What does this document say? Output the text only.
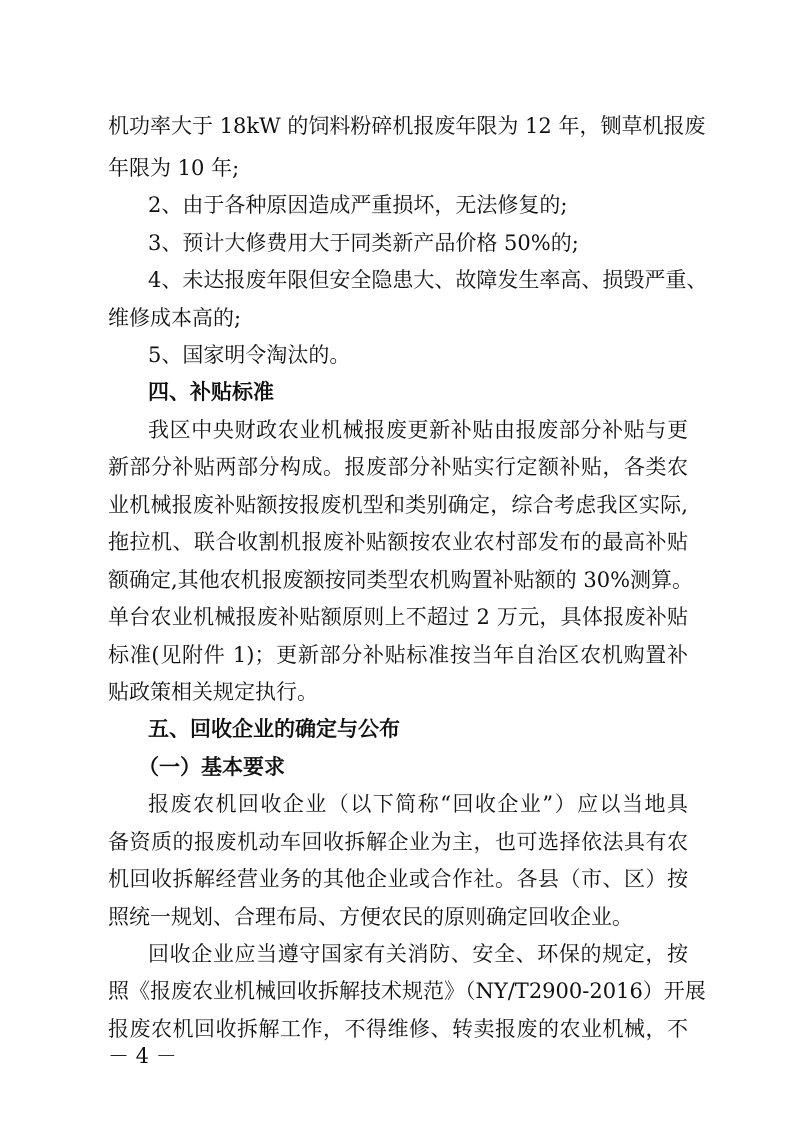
机功率大于 18kW 的饲料粉碎机报废年限为 12 年，铡草机报废
年限为 10 年;
2、由于各种原因造成严重损坏，无法修复的;
3、预计大修费用大于同类新产品价格 50%的;
4、未达报废年限但安全隐患大、故障发生率高、损毁严重、
维修成本高的;
5、国家明令淘汰的。
四、补贴标准
我区中央财政农业机械报废更新补贴由报废部分补贴与更
新部分补贴两部分构成。报废部分补贴实行定额补贴，各类农
业机械报废补贴额按报废机型和类别确定，综合考虑我区实际,
拖拉机、联合收割机报废补贴额按农业农村部发布的最高补贴
额确定,其他农机报废额按同类型农机购置补贴额的 30%测算。
单台农业机械报废补贴额原则上不超过 2 万元，具体报废补贴
标准(见附件 1)；更新部分补贴标准按当年自治区农机购置补
贴政策相关规定执行。
五、回收企业的确定与公布
（一）基本要求
报废农机回收企业（以下简称“回收企业”）应以当地具
备资质的报废机动车回收拆解企业为主，也可选择依法具有农
机回收拆解经营业务的其他企业或合作社。各县（市、区）按
照统一规划、合理布局、方便农民的原则确定回收企业。
回收企业应当遵守国家有关消防、安全、环保的规定，按
照《报废农业机械回收拆解技术规范》（NY/T2900-2016）开展
报废农机回收拆解工作，不得维修、转卖报废的农业机械，不
－ 4 －
